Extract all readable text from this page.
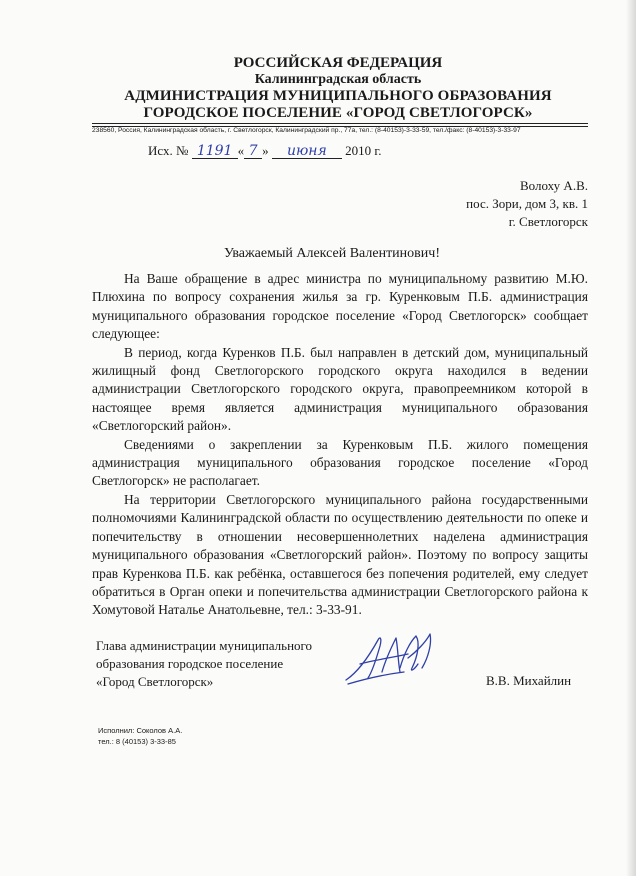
РОССИЙСКАЯ ФЕДЕРАЦИЯ
Калининградская область
АДМИНИСТРАЦИЯ МУНИЦИПАЛЬНОГО ОБРАЗОВАНИЯ
ГОРОДСКОЕ ПОСЕЛЕНИЕ «ГОРОД СВЕТЛОГОРСК»
238560, Россия, Калининградская область, г. Светлогорск, Калининградский пр., 77а, тел.: (8-40153)-3-33-59, тел./факс: (8-40153)-3-33-97
Исх. № 1191 « 7 » июня 2010 г.
Волоху А.В.
пос. Зори, дом 3, кв. 1
г. Светлогорск
Уважаемый Алексей Валентинович!

На Ваше обращение в адрес министра по муниципальному развитию М.Ю. Плюхина по вопросу сохранения жилья за гр. Куренковым П.Б. администрация муниципального образования городское поселение «Город Светлогорск» сообщает следующее:

В период, когда Куренков П.Б. был направлен в детский дом, муниципальный жилищный фонд Светлогорского городского округа находился в ведении администрации Светлогорского городского округа, правопреемником которой в настоящее время является администрация муниципального образования «Светлогорский район».

Сведениями о закреплении за Куренковым П.Б. жилого помещения администрация муниципального образования городское поселение «Город Светлогорск» не располагает.

На территории Светлогорского муниципального района государственными полномочиями Калининградской области по осуществлению деятельности по опеке и попечительству в отношении несовершеннолетних наделена администрация муниципального образования «Светлогорский район». Поэтому по вопросу защиты прав Куренкова П.Б. как ребёнка, оставшегося без попечения родителей, ему следует обратиться в Орган опеки и попечительства администрации Светлогорского района к Хомутовой Наталье Анатольевне, тел.: 3-33-91.

Глава администрации муниципального
образования городское поселение
«Город Светлогорск»	В.В. Михайлин
Исполнил: Соколов А.А.
тел.: 8 (40153) 3-33-85
